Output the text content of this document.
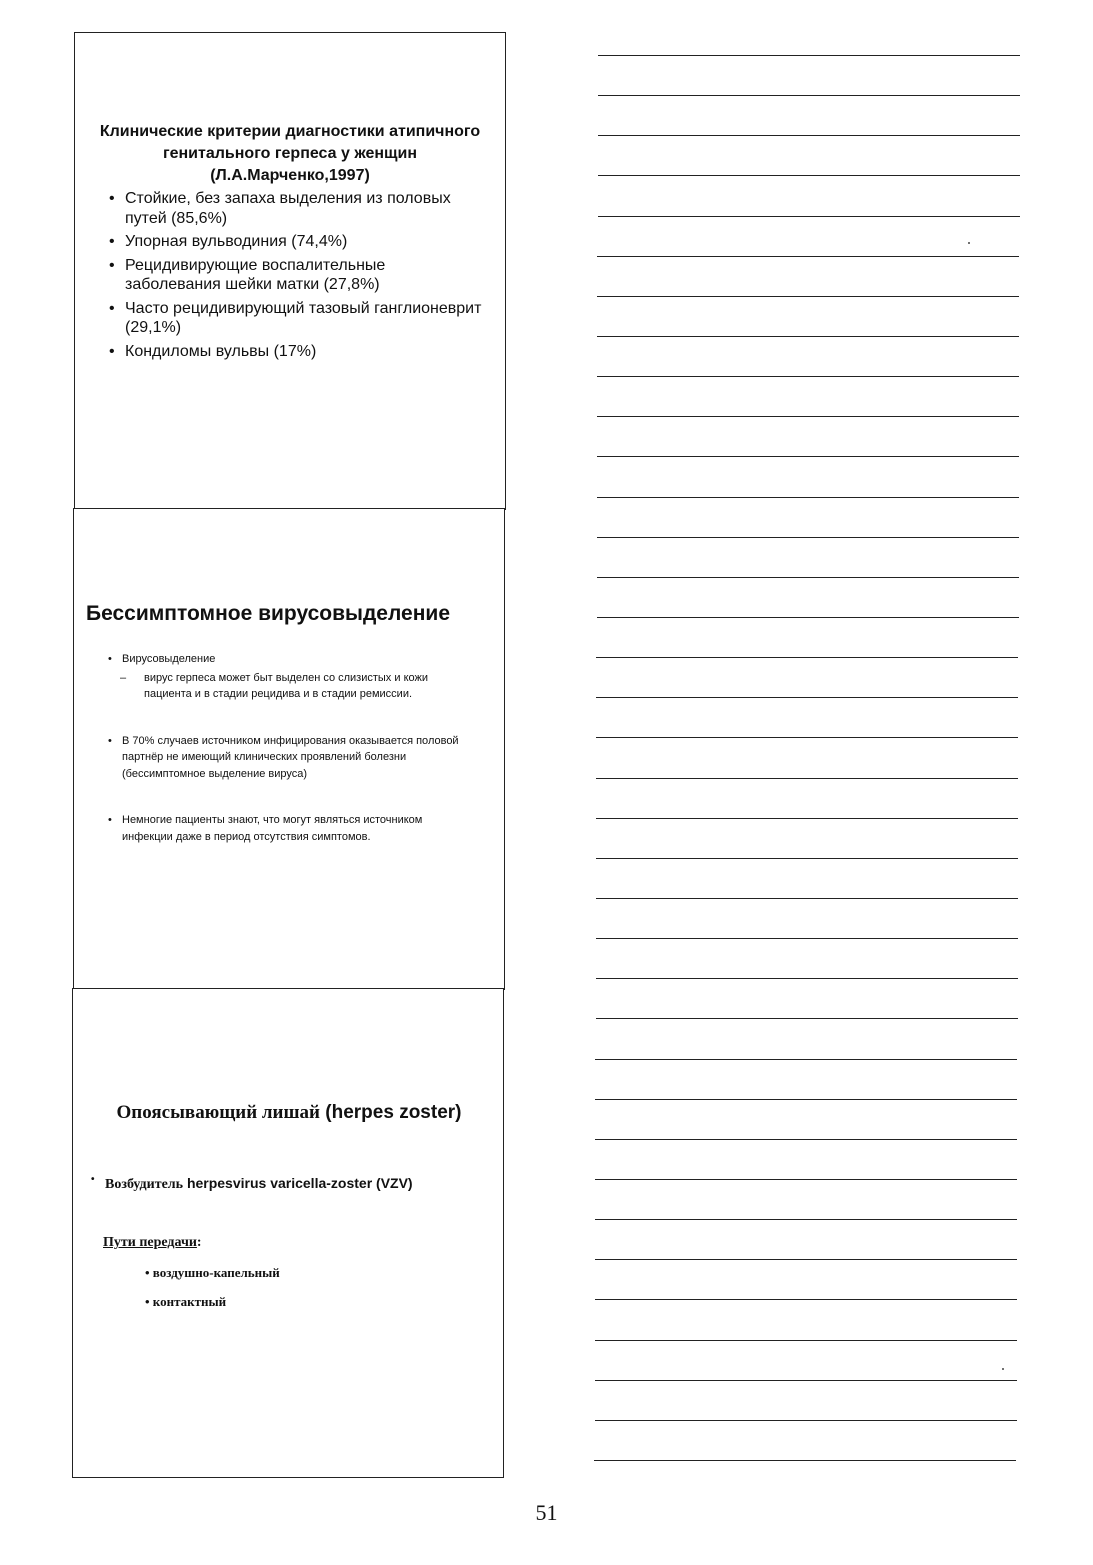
Клинические критерии диагностики атипичного генитального герпеса у женщин (Л.А.Марченко,1997)
• Стойкие, без запаха выделения из половых путей (85,6%)
• Упорная вульводиния (74,4%)
• Рецидивирующие воспалительные заболевания шейки матки (27,8%)
• Часто рецидивирующий тазовый ганглионеврит (29,1%)
• Кондиломы вульвы (17%)
Бессимптомное вирусовыделение
• Вирусовыделение
– вирус герпеса может быт выделен со слизистых и кожи пациента и в стадии рецидива и в стадии ремиссии.
• В 70% случаев источником инфицирования оказывается половой партнёр не имеющий клинических проявлений болезни (бессимптомное выделение вируса)
• Немногие пациенты знают, что могут являться источником инфекции даже в период отсутствия симптомов.
Опоясывающий лишай (herpes zoster)
• Возбудитель herpesvirus varicella-zoster (VZV)
Пути передачи:
• воздушно-капельный
• контактный
51
